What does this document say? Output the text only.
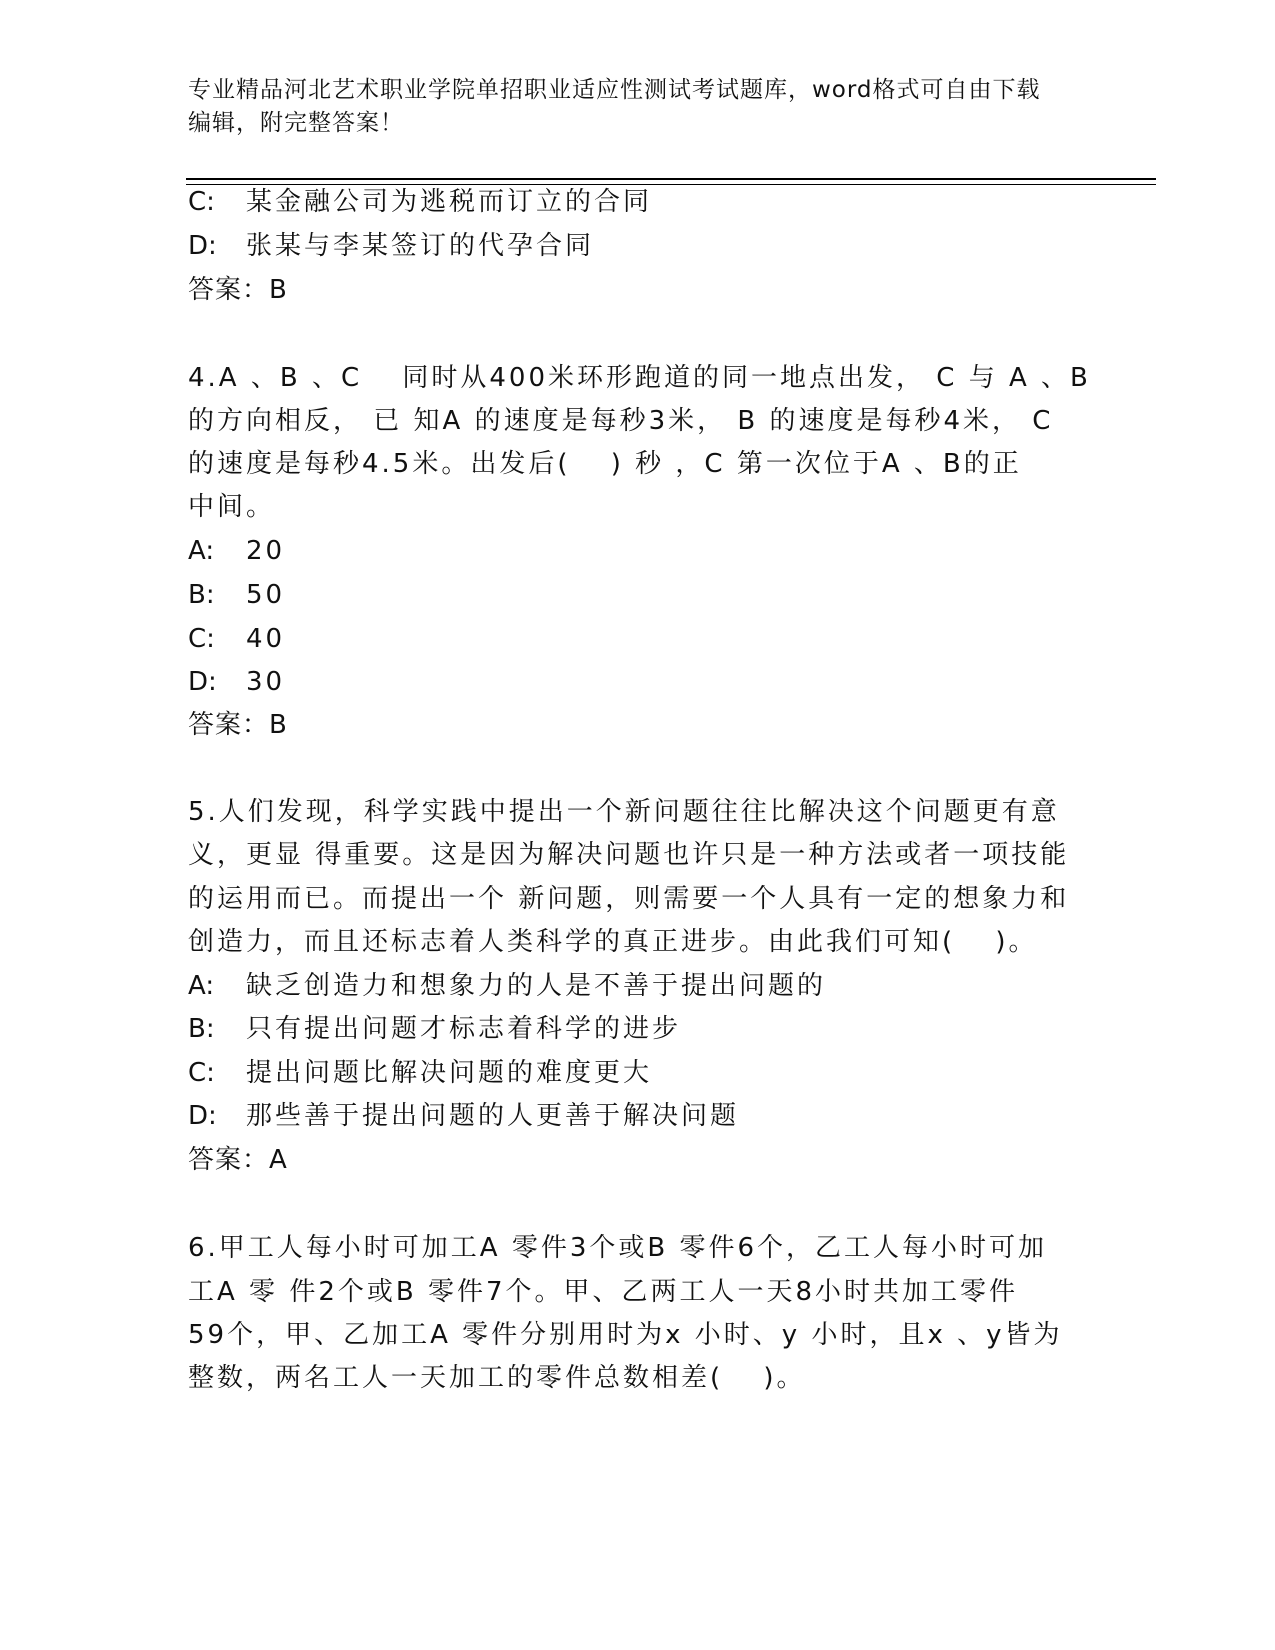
专业精品河北艺术职业学院单招职业适应性测试考试题库，word格式可自由下载
编辑，附完整答案！
C: 某金融公司为逃税而订立的合同
D: 张某与李某签订的代孕合同
答案：B
4.A 、B 、C 　同时从400米环形跑道的同一地点出发， C 与 A 、B
的方向相反， 已 知A 的速度是每秒3米， B 的速度是每秒4米， C
的速度是每秒4.5米。出发后(　 ) 秒 ，C 第一次位于A 、B的正
中间。
A: 20
B: 50
C: 40
D: 30
答案：B
5.人们发现，科学实践中提出一个新问题往往比解决这个问题更有意
义，更显 得重要。这是因为解决问题也许只是一种方法或者一项技能
的运用而已。而提出一个 新问题，则需要一个人具有一定的想象力和
创造力，而且还标志着人类科学的真正进步。由此我们可知(　 )。
A: 缺乏创造力和想象力的人是不善于提出问题的
B: 只有提出问题才标志着科学的进步
C: 提出问题比解决问题的难度更大
D: 那些善于提出问题的人更善于解决问题
答案：A
6.甲工人每小时可加工A 零件3个或B 零件6个，乙工人每小时可加
工A 零 件2个或B 零件7个。甲、乙两工人一天8小时共加工零件
59个，甲、乙加工A 零件分别用时为x 小时、y 小时，且x 、y皆为
整数，两名工人一天加工的零件总数相差(　 )。
